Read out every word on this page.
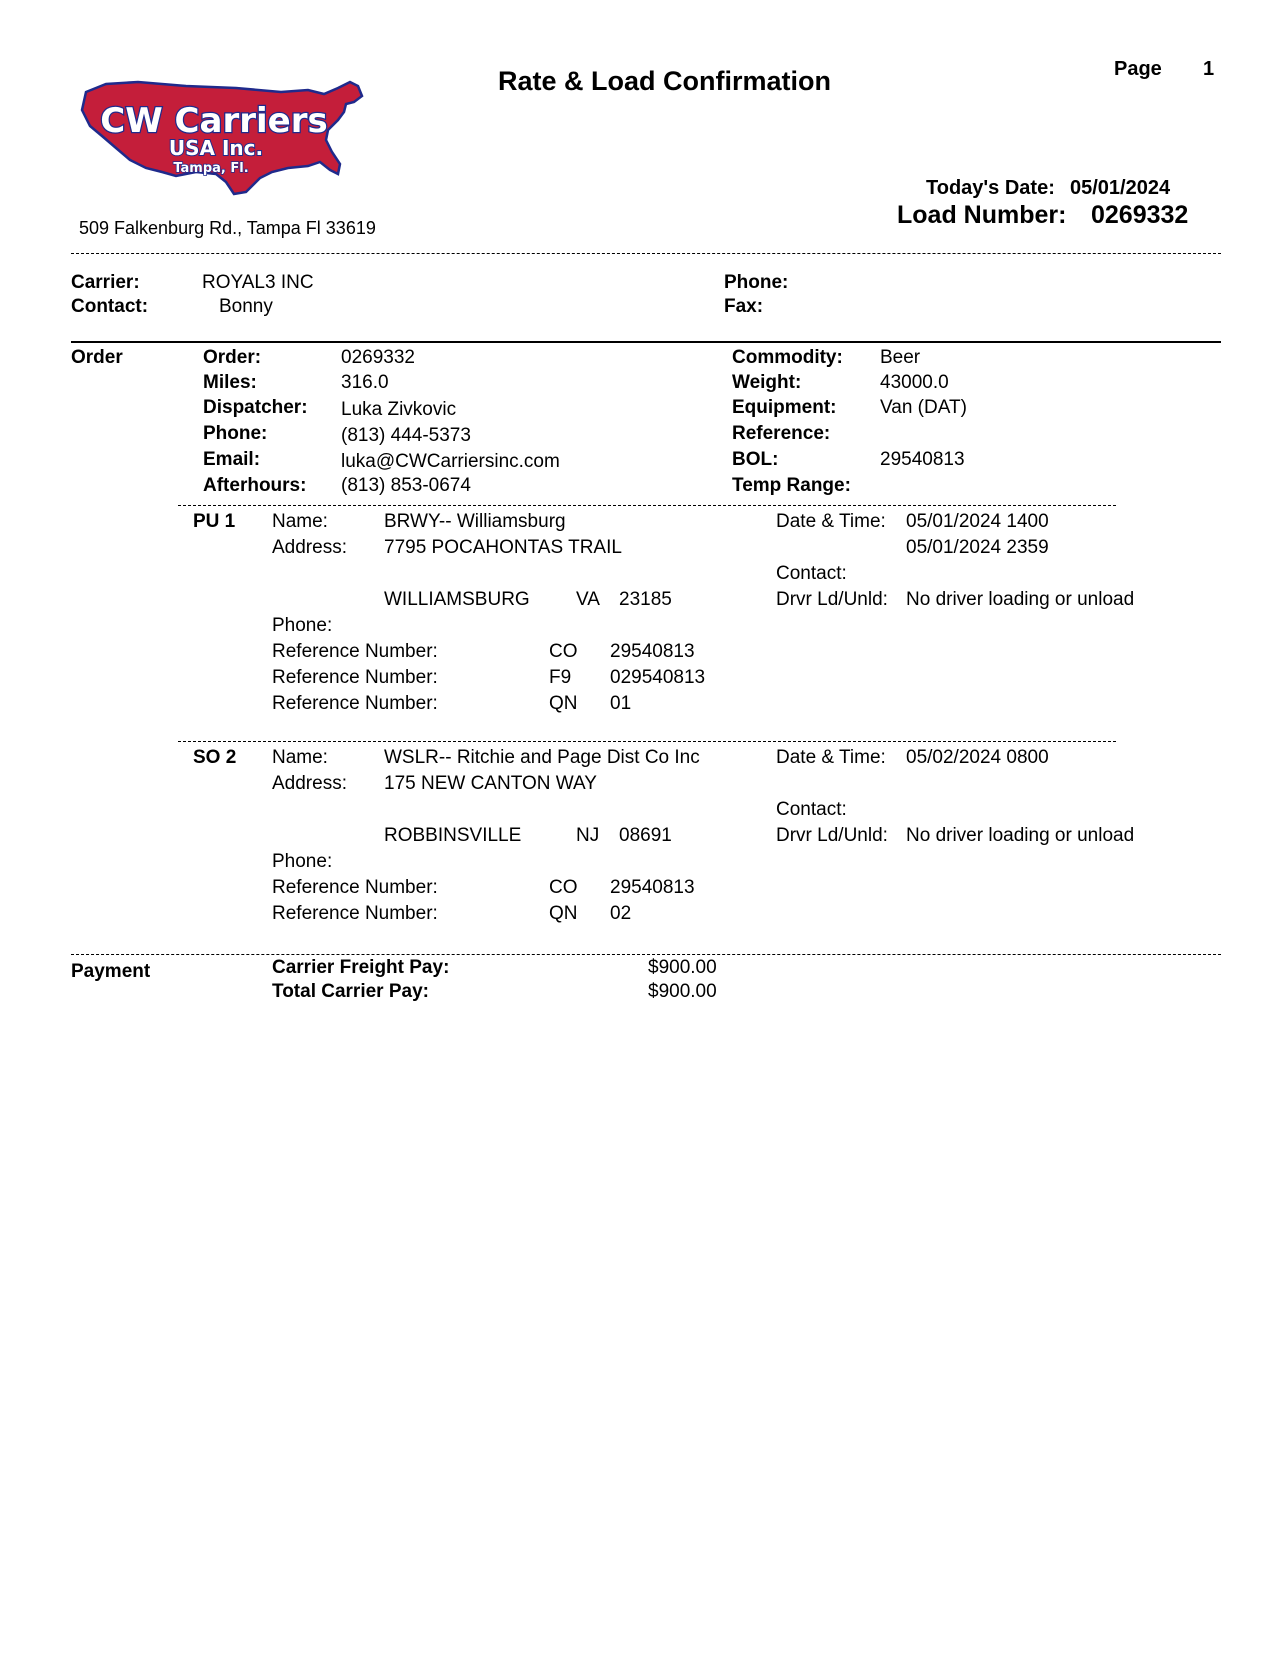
Rate & Load Confirmation	Page 1
CW Carriers
USA Inc.
Tampa, Fl.
509 Falkenburg Rd., Tampa Fl 33619
Today's Date: 05/01/2024
Load Number: 0269332
Carrier:	ROYAL3 INC
Contact:	Bonny
Phone:
Fax:
Order	Order:	0269332
Miles:	316.0
Dispatcher: Luka Zivkovic
Phone:	(813) 444-5373
Email:	luka@CWCarriersinc.com
Afterhours: (813) 853-0674
Commodity: Beer
Weight:	43000.0
Equipment: Van (DAT)
Reference:
BOL:	29540813
Temp Range:
PU 1 Name:	BRWY-- Williamsburg
Address: 7795 POCAHONTAS TRAIL
WILLIAMSBURG VA 23185
Phone:
Reference Number:	CO 29540813
Reference Number:	F9 029540813
Reference Number:	QN 01
Date & Time: 05/01/2024 1400
05/01/2024 2359
Contact:
Drvr Ld/Unld: No driver loading or unload
SO 2 Name:	WSLR-- Ritchie and Page Dist Co Inc
Address: 175 NEW CANTON WAY
ROBBINSVILLE	NJ 08691
Phone:
Reference Number:	CO 29540813
Reference Number:	QN 02
Date & Time: 05/02/2024 0800
Contact:
Drvr Ld/Unld: No driver loading or unload
Payment	Carrier Freight Pay:	$900.00
Total Carrier Pay:	$900.00
